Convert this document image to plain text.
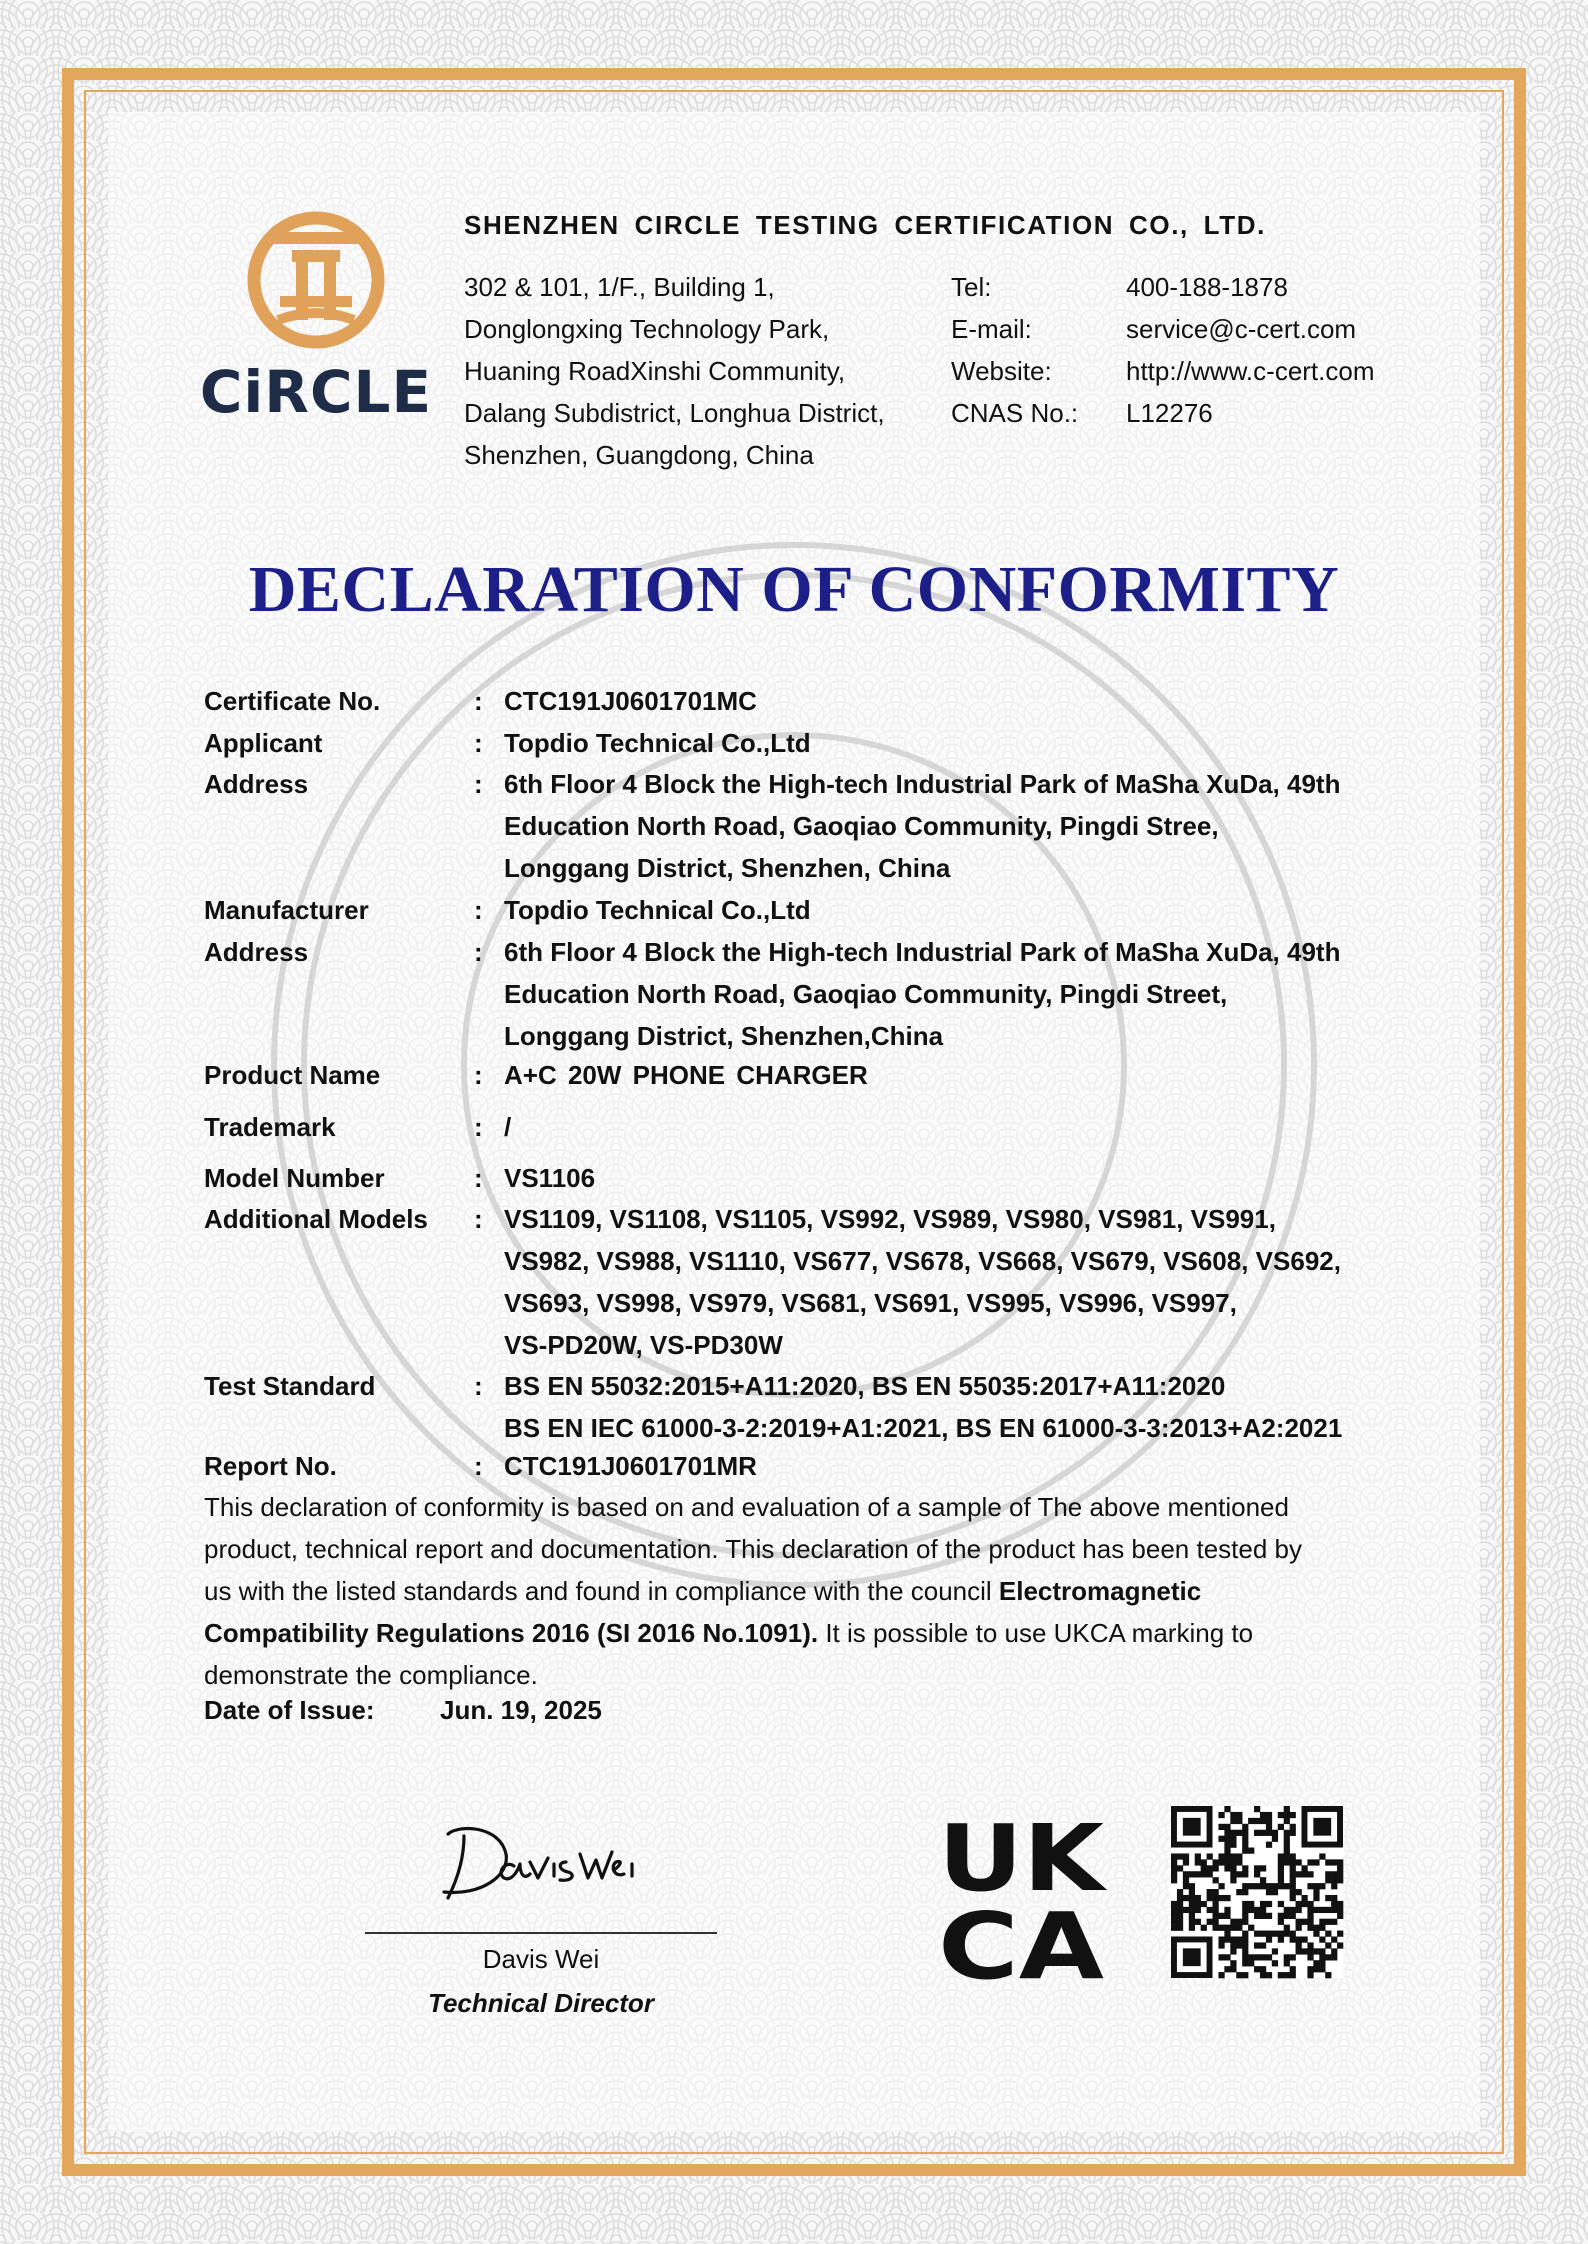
CiRCLE
SHENZHEN CIRCLE TESTING CERTIFICATION CO., LTD.
302 & 101, 1/F., Building 1,
Donglongxing Technology Park,
Huaning RoadXinshi Community,
Dalang Subdistrict, Longhua District,
Shenzhen, Guangdong, China
Tel:	400-188-1878
E-mail:	service@c-cert.com
Website:	http://www.c-cert.com
CNAS No.:	L12276
DECLARATION OF CONFORMITY
Certificate No.	: CTC191J0601701MC
Applicant	: Topdio Technical Co.,Ltd
Address	: 6th Floor 4 Block the High-tech Industrial Park of MaSha XuDa, 49th
Education North Road, Gaoqiao Community, Pingdi Stree,
Longgang District, Shenzhen, China
Manufacturer	: Topdio Technical Co.,Ltd
Address	: 6th Floor 4 Block the High-tech Industrial Park of MaSha XuDa, 49th
Education North Road, Gaoqiao Community, Pingdi Street,
Longgang District, Shenzhen,China
Product Name	: A+C 20W PHONE CHARGER
Trademark	: /
Model Number	: VS1106
Additional Models : VS1109, VS1108, VS1105, VS992, VS989, VS980, VS981, VS991,
VS982, VS988, VS1110, VS677, VS678, VS668, VS679, VS608, VS692,
VS693, VS998, VS979, VS681, VS691, VS995, VS996, VS997,
VS-PD20W, VS-PD30W
Test Standard	: BS EN 55032:2015+A11:2020, BS EN 55035:2017+A11:2020
BS EN IEC 61000-3-2:2019+A1:2021, BS EN 61000-3-3:2013+A2:2021
Report No.	: CTC191J0601701MR
This declaration of conformity is based on and evaluation of a sample of The above mentioned
product, technical report and documentation. This declaration of the product has been tested by
us with the listed standards and found in compliance with the council Electromagnetic
Compatibility Regulations 2016 (SI 2016 No.1091). It is possible to use UKCA marking to
demonstrate the compliance.
Date of Issue:	Jun. 19, 2025
Davis Wei
Davis Wei
Technical Director
UK
CA
